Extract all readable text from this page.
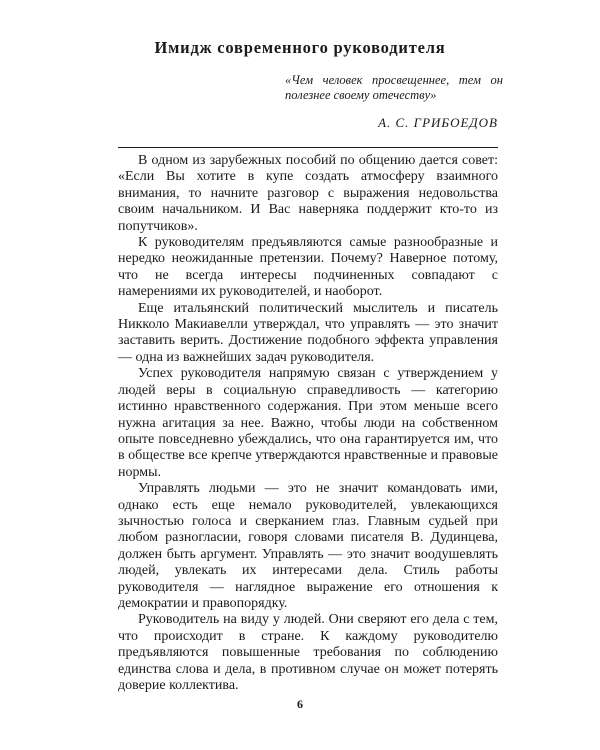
Имидж современного руководителя
«Чем человек просвещеннее, тем он полезнее своему отечеству»
А. С. ГРИБОЕДОВ

В одном из зарубежных пособий по общению дается совет: «Если Вы хотите в купе создать атмосферу взаимного внимания, то начните разговор с выражения недовольства своим начальником. И Вас наверняка поддержит кто-то из попутчиков».

К руководителям предъявляются самые разнообразные и нередко неожиданные претензии. Почему? Наверное потому, что не всегда интересы подчиненных совпадают с намерениями их руководителей, и наоборот.

Еще итальянский политический мыслитель и писатель Никколо Макиавелли утверждал, что управлять — это значит заставить верить. Достижение подобного эффекта управления — одна из важнейших задач руководителя.

Успех руководителя напрямую связан с утверждением у людей веры в социальную справедливость — категорию истинно нравственного содержания. При этом меньше всего нужна агитация за нее. Важно, чтобы люди на собственном опыте повседневно убеждались, что она гарантируется им, что в обществе все крепче утверждаются нравственные и правовые нормы.

Управлять людьми — это не значит командовать ими, однако есть еще немало руководителей, увлекающихся зычностью голоса и сверканием глаз. Главным судьей при любом разногласии, говоря словами писателя В. Дудинцева, должен быть аргумент. Управлять — это значит воодушевлять людей, увлекать их интересами дела. Стиль работы руководителя — наглядное выражение его отношения к демократии и правопорядку.

Руководитель на виду у людей. Они сверяют его дела с тем, что происходит в стране. К каждому руководителю предъявляются повышенные требования по соблюдению единства слова и дела, в противном случае он может потерять доверие коллектива.

6
